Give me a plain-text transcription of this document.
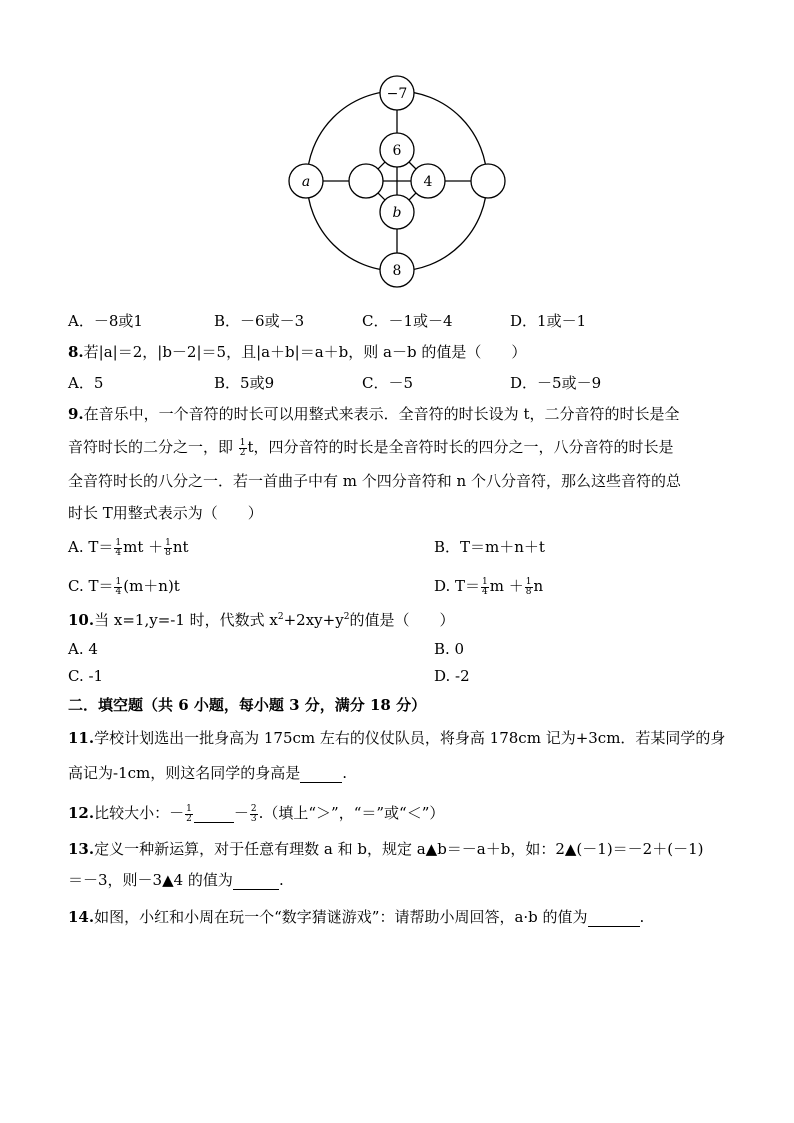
−7
6
a	4
b
8
A．－8或1	B．－6或－3	C．－1或－4	D．1或－1
8.若|a|＝2，|b－2|＝5，且|a＋b|＝a＋b，则 a－b 的值是（　　）
A．5	B．5或9	C．－5	D．－5或－9
9.在音乐中，一个音符的时长可以用整式来表示．全音符的时长设为 t，二分音符的时长是全
音符时长的二分之一，即 $\frac{1}{2}$ t，四分音符的时长是全音符时长的四分之一，八分音符的时长是
全音符时长的八分之一．若一首曲子中有 m 个四分音符和 n 个八分音符，那么这些音符的总
时长 T用整式表示为（　　）
A. $T= \frac{1}{4}$ mt ＋ $\frac{1}{8}$ nt	B．T＝m＋n＋t
C. $T= \frac{1}{4} (m+n)t$	D. $T= \frac{1}{4}$ $m + \frac{1}{8}$ n
10.当 x=1,y=-1 时，代数式 $x^2+2xy+y^2$的值是（　　）
A. 4	B. 0
C. -1	D. -2
二．填空题（共 6 小题，每小题 3 分，满分 18 分）
11.学校计划选出一批身高为 175cm 左右的仪仗队员，将身高 178cm 记为+3cm．若某同学的身
高记为-1cm，则这名同学的身高是	.
12.比较大小：－ $\frac{1}{2}$	－ $\frac{2}{3}$ .（填上“＞”，“＝”或“＜”）
13.定义一种新运算，对于任意有理数 a 和 b，规定 a▲b＝－a＋b，如：2▲(－1)＝－2＋(－1)
＝－3，则－3▲4 的值为	.
14.如图，小红和小周在玩一个“数字猜谜游戏”：请帮助小周回答，a·b 的值为	.
